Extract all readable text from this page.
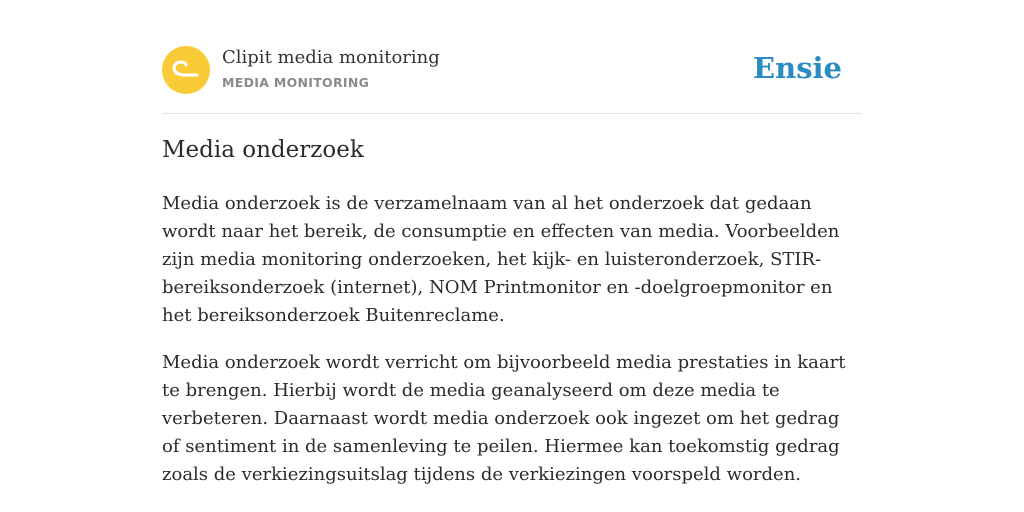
Clipit media monitoring
MEDIA MONITORING	Ensie
Media onderzoek

Media onderzoek is de verzamelnaam van al het onderzoek dat gedaan wordt naar het bereik, de consumptie en effecten van media. Voorbeelden zijn media monitoring onderzoeken, het kijk- en luisteronderzoek, STIR-bereiksonderzoek (internet), NOM Printmonitor en -doelgroepmonitor en het bereiksonderzoek Buitenreclame.

Media onderzoek wordt verricht om bijvoorbeeld media prestaties in kaart te brengen. Hierbij wordt de media geanalyseerd om deze media te verbeteren. Daarnaast wordt media onderzoek ook ingezet om het gedrag of sentiment in de samenleving te peilen. Hiermee kan toekomstig gedrag zoals de verkiezingsuitslag tijdens de verkiezingen voorspeld worden.
